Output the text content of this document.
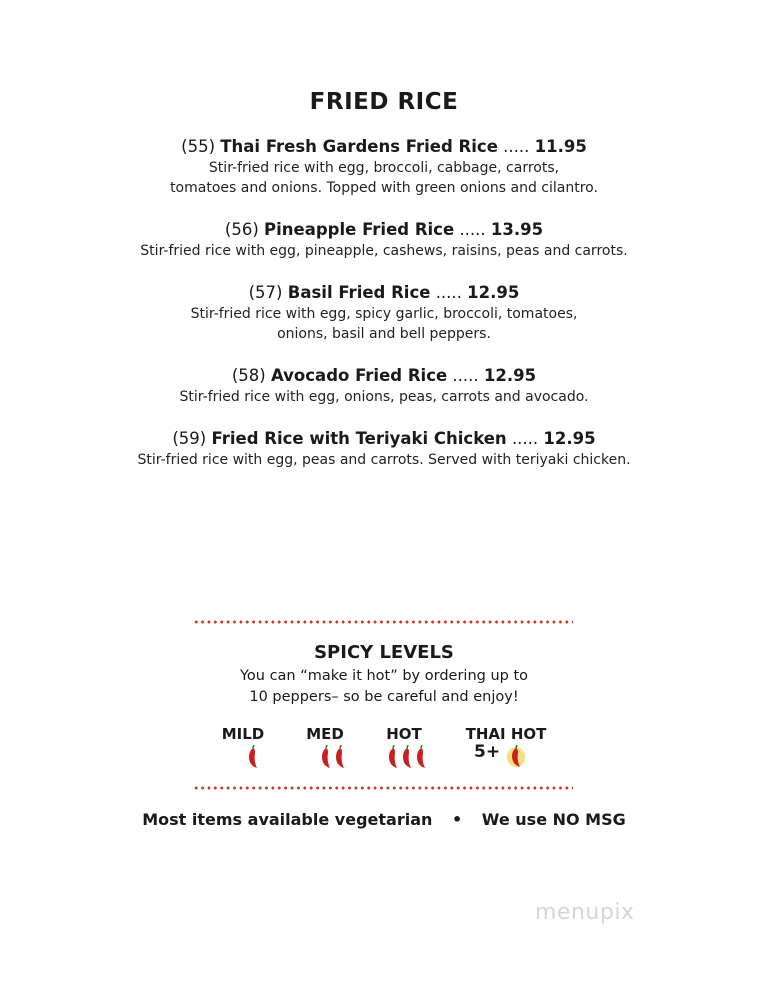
FRIED RICE
(55) Thai Fresh Gardens Fried Rice ..... 11.95
Stir-fried rice with egg, broccoli, cabbage, carrots,
tomatoes and onions. Topped with green onions and cilantro.
(56) Pineapple Fried Rice ..... 13.95
Stir-fried rice with egg, pineapple, cashews, raisins, peas and carrots.
(57) Basil Fried Rice ..... 12.95
Stir-fried rice with egg, spicy garlic, broccoli, tomatoes,
onions, basil and bell peppers.
(58) Avocado Fried Rice ..... 12.95
Stir-fried rice with egg, onions, peas, carrots and avocado.
(59) Fried Rice with Teriyaki Chicken ..... 12.95
Stir-fried rice with egg, peas and carrots. Served with teriyaki chicken.
SPICY LEVELS
You can “make it hot” by ordering up to
10 peppers– so be careful and enjoy!
MILD	MED	HOT	THAI HOT
5+
Most items available vegetarian • We use NO MSG
menupix
